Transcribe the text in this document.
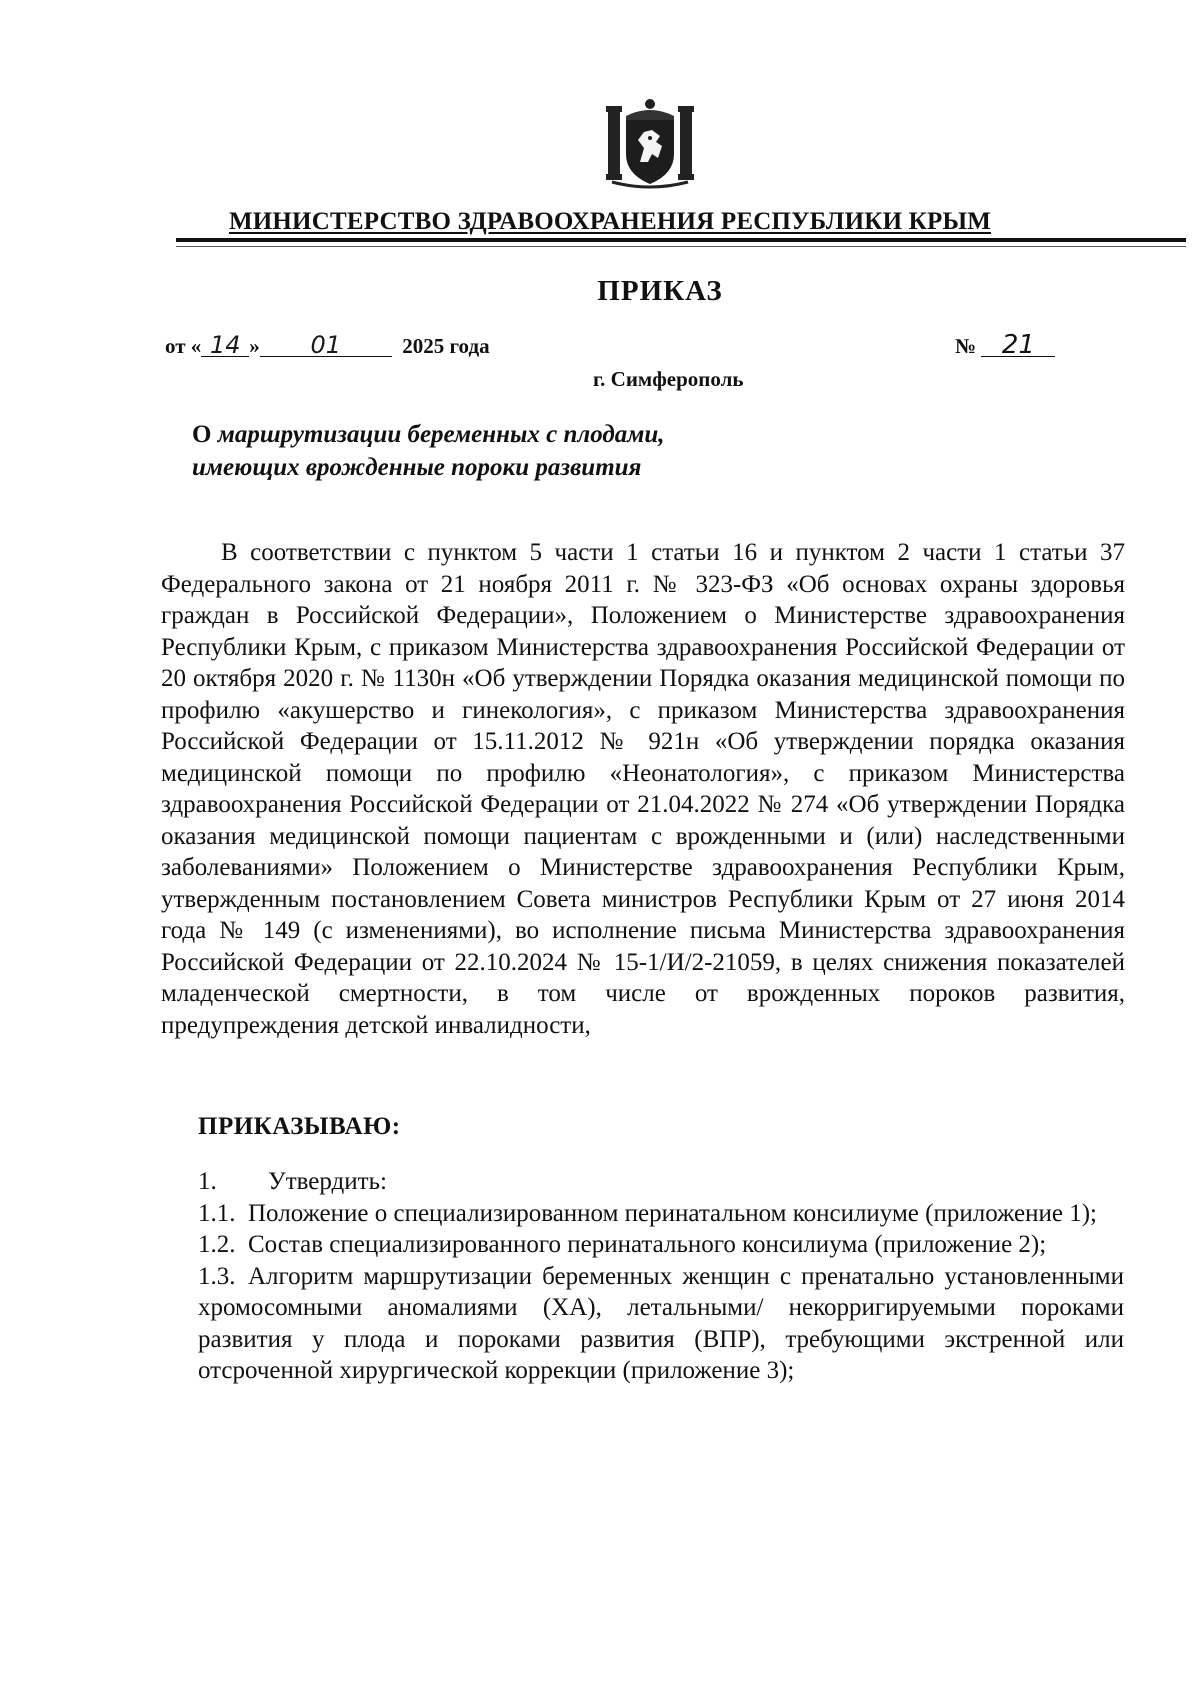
МИНИСТЕРСТВО ЗДРАВООХРАНЕНИЯ РЕСПУБЛИКИ КРЫМ
ПРИКАЗ
от « 14 » 01	2025 года	№ 21
г. Симферополь
О маршрутизации беременных с плодами,
имеющих врожденные пороки развития
В соответствии с пунктом 5 части 1 статьи 16 и пунктом 2 части 1 статьи 37 Федерального закона от 21 ноября 2011 г. № 323-ФЗ «Об основах охраны здоровья граждан в Российской Федерации», Положением о Министерстве здравоохранения Республики Крым, с приказом Министерства здравоохранения Российской Федерации от 20 октября 2020 г. № 1130н «Об утверждении Порядка оказания медицинской помощи по профилю «акушерство и гинекология», с приказом Министерства здравоохранения Российской Федерации от 15.11.2012 № 921н «Об утверждении порядка оказания медицинской помощи по профилю «Неонатология», с приказом Министерства здравоохранения Российской Федерации от 21.04.2022 № 274 «Об утверждении Порядка оказания медицинской помощи пациентам с врожденными и (или) наследственными заболеваниями» Положением о Министерстве здравоохранения Республики Крым, утвержденным постановлением Совета министров Республики Крым от 27 июня 2014 года № 149 (с изменениями), во исполнение письма Министерства здравоохранения Российской Федерации от 22.10.2024 № 15-1/И/2-21059, в целях снижения показателей младенческой смертности, в том числе от врожденных пороков развития, предупреждения детской инвалидности,
ПРИКАЗЫВАЮ:
1. Утвердить:
1.1. Положение о специализированном перинатальном консилиуме (приложение 1);
1.2. Состав специализированного перинатального консилиума (приложение 2);
1.3. Алгоритм маршрутизации беременных женщин с пренатально установленными хромосомными аномалиями (ХА), летальными/ некорригируемыми пороками развития у плода и пороками развития (ВПР), требующими экстренной или отсроченной хирургической коррекции (приложение 3);
